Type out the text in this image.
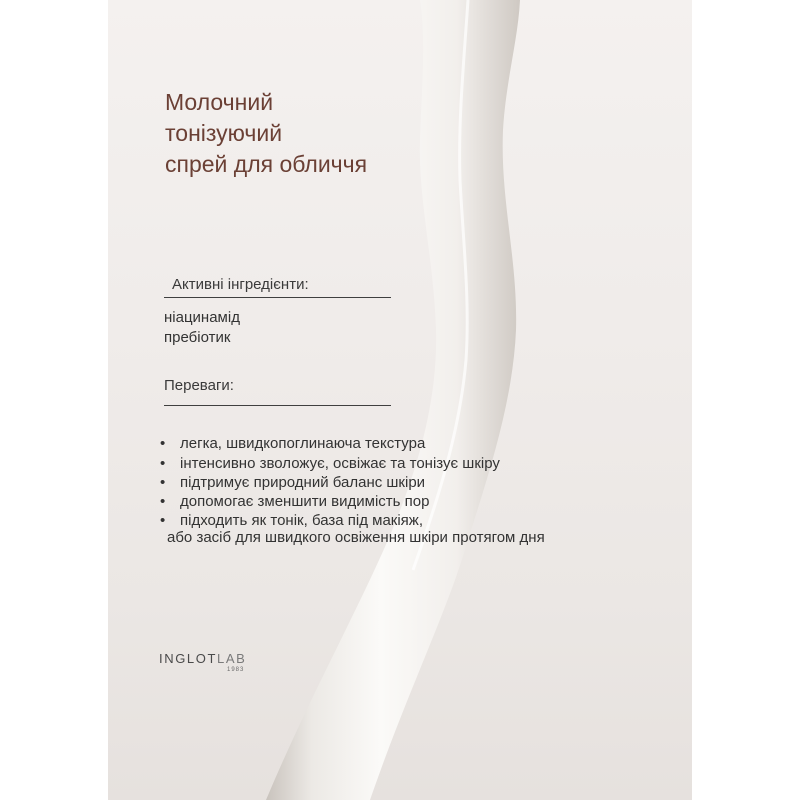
Молочний
тонізуючий
спрей для обличчя
Активні інгредієнти:
ніацинамід
пребіотик
Переваги:
• легка, швидкопоглинаюча текстура
• інтенсивно зволожує, освіжає та тонізує шкіру
• підтримує природний баланс шкіри
• допомогає зменшити видимість пор
• підходить як тонік, база під макіяж,
або засіб для швидкого освіження шкіри протягом дня
INGLOTLAB
1983
